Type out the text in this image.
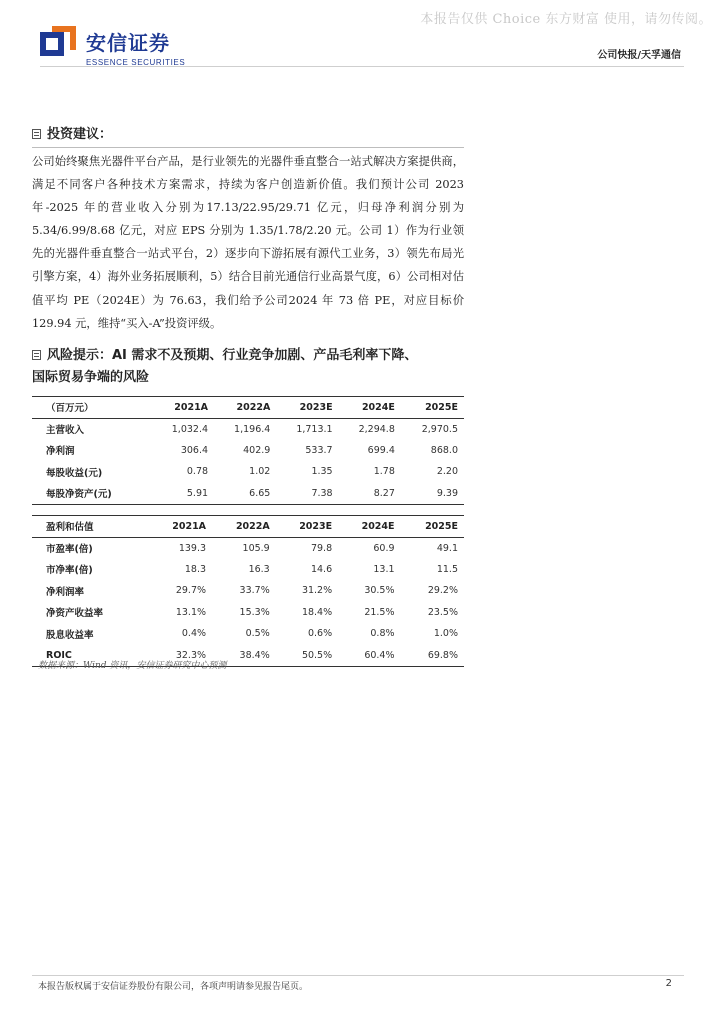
本报告仅供 Choice 东方财富 使用，请勿传阅。
安信证券
ESSENCE SECURITIES
公司快报/天孚通信
投资建议：
公司始终聚焦光器件平台产品，是行业领先的光器件垂直整合一站式解决方案提供商，满足不同客户各种技术方案需求，持续为客户创造新价值。我们预计公司 2023 年-2025 年的营业收入分别为17.13/22.95/29.71 亿元，归母净利润分别为 5.34/6.99/8.68 亿元，对应 EPS 分别为 1.35/1.78/2.20 元。公司 1）作为行业领先的光器件垂直整合一站式平台，2）逐步向下游拓展有源代工业务，3）领先布局光引擎方案，4）海外业务拓展顺利，5）结合目前光通信行业高景气度，6）公司相对估值平均 PE（2024E）为 76.63，我们给予公司2024 年 73 倍 PE，对应目标价 129.94 元，维持“买入-A”投资评级。
风险提示：AI 需求不及预期、行业竞争加剧、产品毛利率下降、
国际贸易争端的风险
（百万元）	2021A	2022A	2023E	2024E	2025E
主营收入	1,032.4	1,196.4	1,713.1	2,294.8	2,970.5
净利润	306.4	402.9	533.7	699.4	868.0
每股收益(元)	0.78	1.02	1.35	1.78	2.20
每股净资产(元)	5.91	6.65	7.38	8.27	9.39
盈利和估值	2021A	2022A	2023E	2024E	2025E
市盈率(倍)	139.3	105.9	79.8	60.9	49.1
市净率(倍)	18.3	16.3	14.6	13.1	11.5
净利润率	29.7%	33.7%	31.2%	30.5%	29.2%
净资产收益率	13.1%	15.3%	18.4%	21.5%	23.5%
股息收益率	0.4%	0.5%	0.6%	0.8%	1.0%
ROIC	32.3%	38.4%	50.5%	60.4%	69.8%
数据来源：Wind 资讯，安信证券研究中心预测
本报告版权属于安信证券股份有限公司，各项声明请参见报告尾页。	2
